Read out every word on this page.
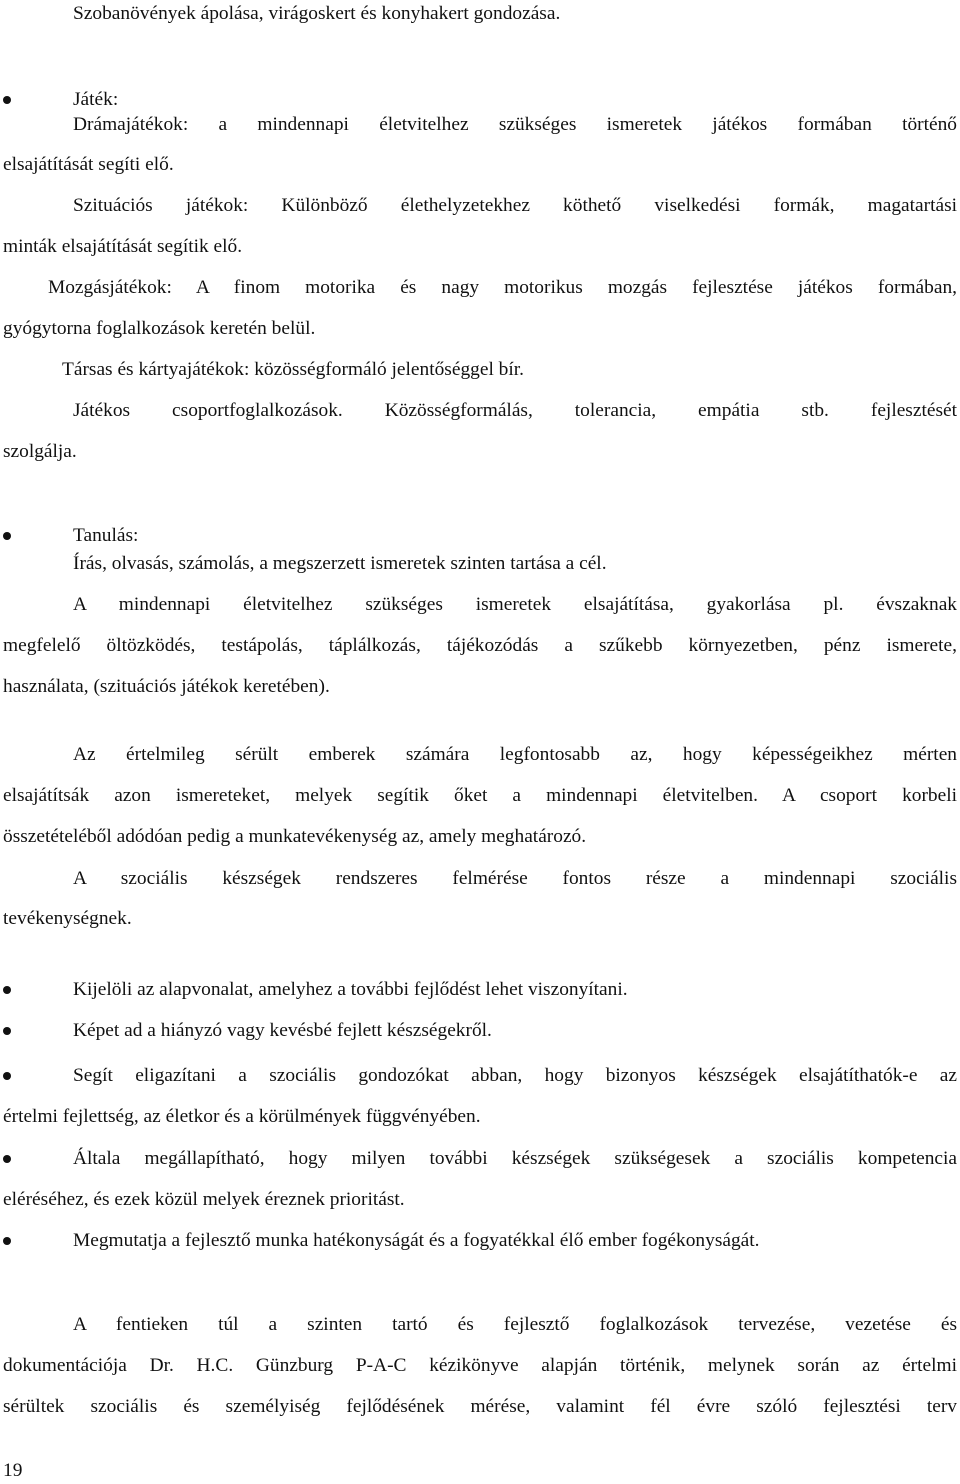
Szobanövények ápolása, virágoskert és konyhakert gondozása.
Játék:
Drámajátékok: a mindennapi életvitelhez szükséges ismeretek játékos formában történő
elsajátítását segíti elő.
Szituációs játékok: Különböző élethelyzetekhez köthető viselkedési formák, magatartási
minták elsajátítását segítik elő.
Mozgásjátékok: A finom motorika és nagy motorikus mozgás fejlesztése játékos formában,
gyógytorna foglalkozások keretén belül.
Társas és kártyajátékok: közösségformáló jelentőséggel bír.
Játékos csoportfoglalkozások. Közösségformálás, tolerancia, empátia stb. fejlesztését
szolgálja.
Tanulás:
Írás, olvasás, számolás, a megszerzett ismeretek szinten tartása a cél.
A mindennapi életvitelhez szükséges ismeretek elsajátítása, gyakorlása pl. évszaknak
megfelelő öltözködés, testápolás, táplálkozás, tájékozódás a szűkebb környezetben, pénz ismerete,
használata, (szituációs játékok keretében).
Az értelmileg sérült emberek számára legfontosabb az, hogy képességeikhez mérten
elsajátítsák azon ismereteket, melyek segítik őket a mindennapi életvitelben. A csoport korbeli
összetételéből adódóan pedig a munkatevékenység az, amely meghatározó.
A szociális készségek rendszeres felmérése fontos része a mindennapi szociális
tevékenységnek.
Kijelöli az alapvonalat, amelyhez a további fejlődést lehet viszonyítani.
Képet ad a hiányzó vagy kevésbé fejlett készségekről.
Segít eligazítani a szociális gondozókat abban, hogy bizonyos készségek elsajátíthatók-e az
értelmi fejlettség, az életkor és a körülmények függvényében.
Általa megállapítható, hogy milyen további készségek szükségesek a szociális kompetencia
eléréséhez, és ezek közül melyek éreznek prioritást.
Megmutatja a fejlesztő munka hatékonyságát és a fogyatékkal élő ember fogékonyságát.
A fentieken túl a szinten tartó és fejlesztő foglalkozások tervezése, vezetése és
dokumentációja Dr. H.C. Günzburg P-A-C kézikönyve alapján történik, melynek során az értelmi
sérültek szociális és személyiség fejlődésének mérése, valamint fél évre szóló fejlesztési terv
19
